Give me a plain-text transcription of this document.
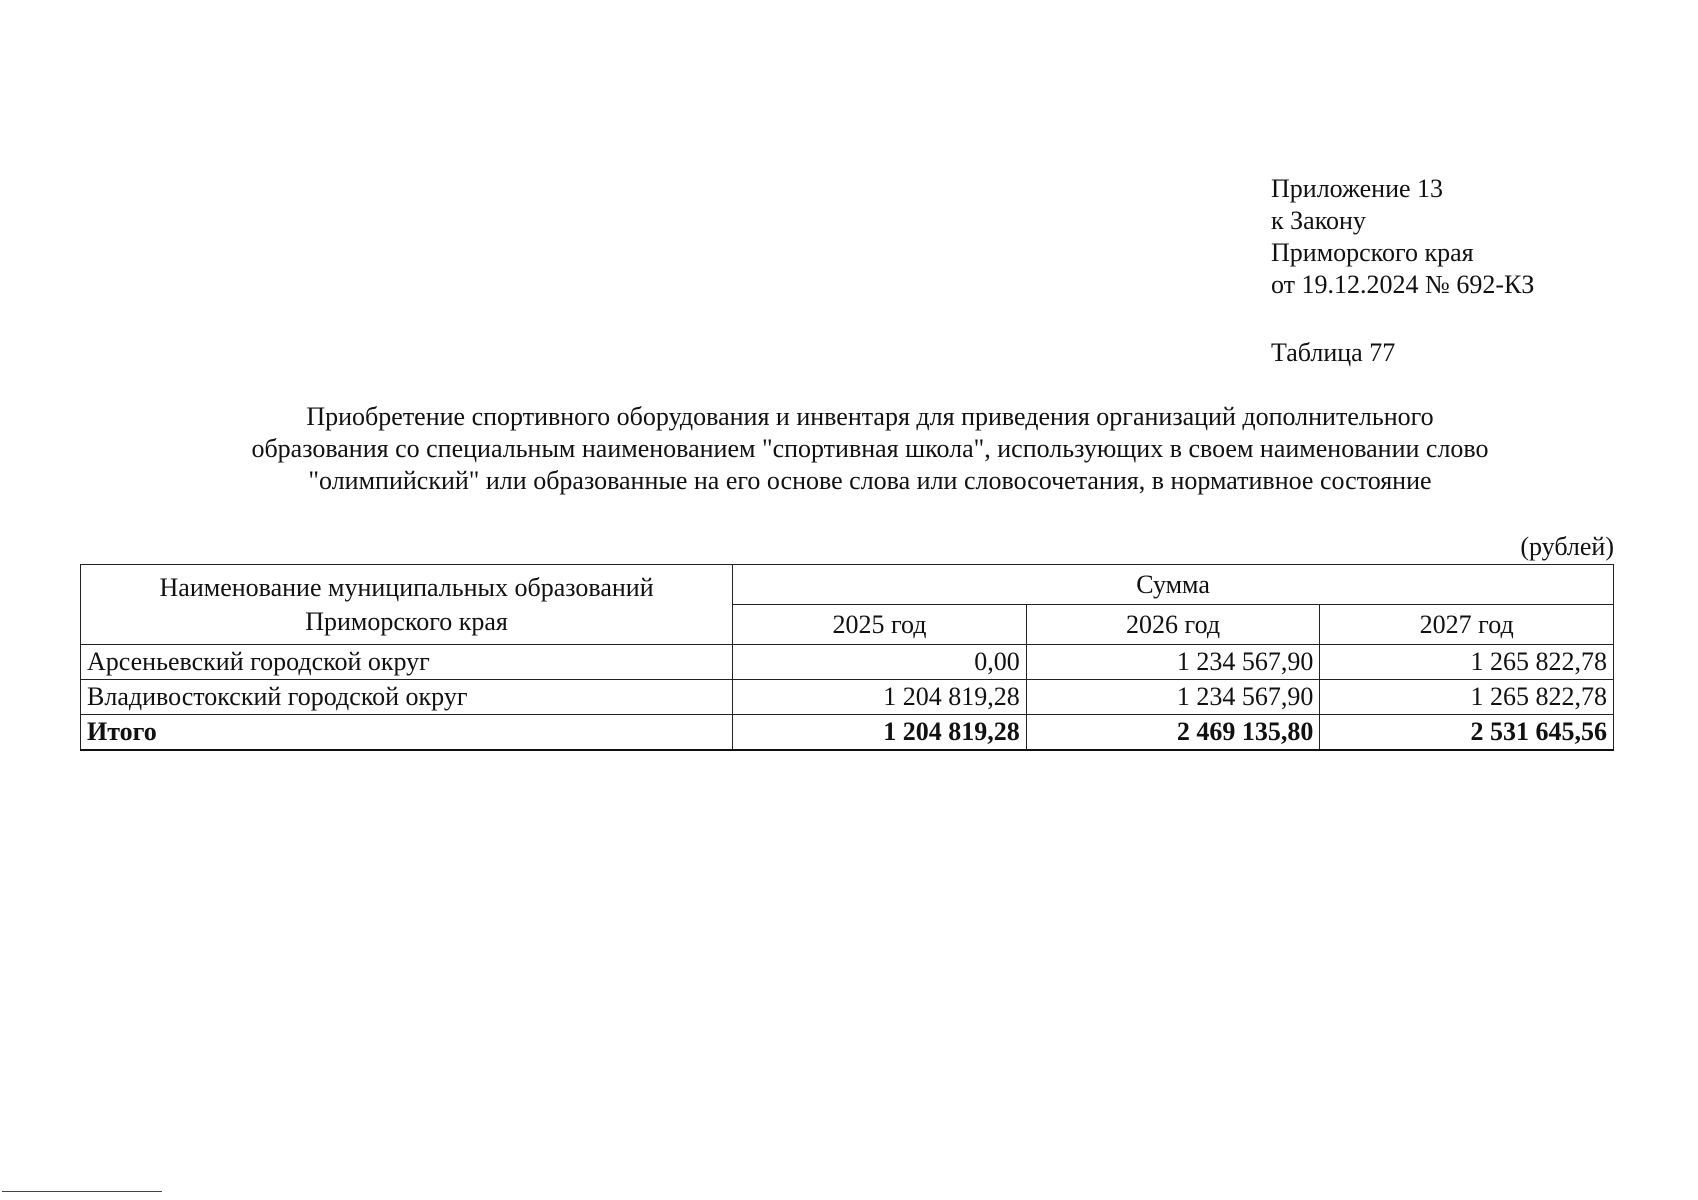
Приложение 13
к Закону
Приморского края
от 19.12.2024 № 692-КЗ
Таблица 77
Приобретение спортивного оборудования и инвентаря для приведения организаций дополнительного
образования со специальным наименованием "спортивная школа", использующих в своем наименовании слово
"олимпийский" или образованные на его основе слова или словосочетания, в нормативное состояние
(рублей)
Наименование муниципальных образований
Приморского края	Сумма		
	2025 год	2026 год	2027 год
Арсеньевский городской округ	0,00	1 234 567,90	1 265 822,78
Владивостокский городской округ	1 204 819,28	1 234 567,90	1 265 822,78
Итого	1 204 819,28	2 469 135,80	2 531 645,56
